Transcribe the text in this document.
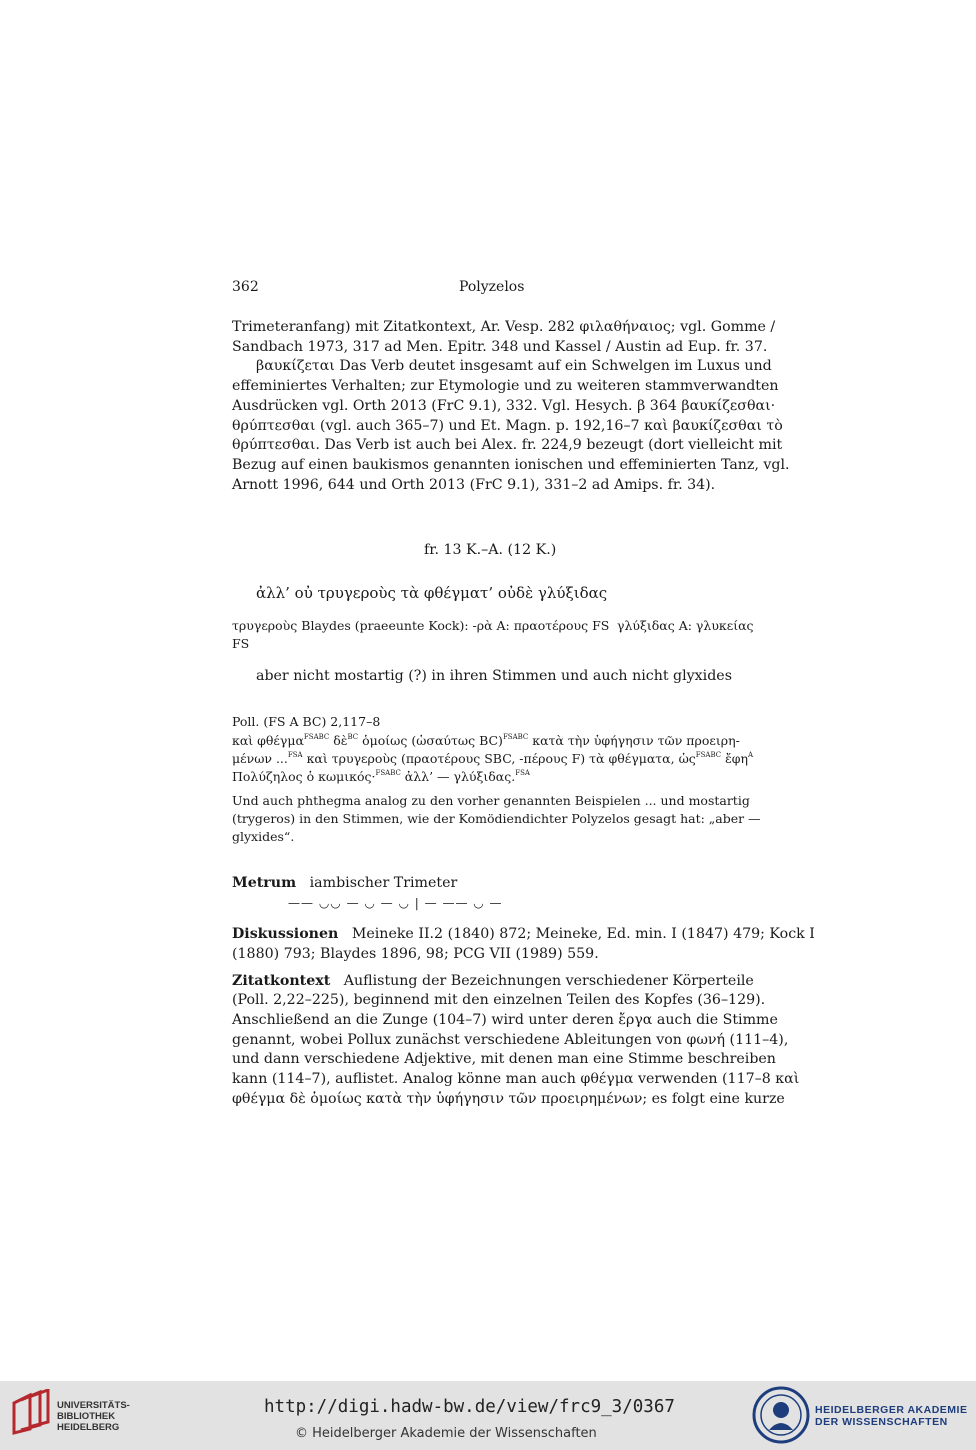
362	Polyzelos
Trimeteranfang) mit Zitatkontext, Ar. Vesp. 282 φιλαθήναιος; vgl. Gomme /
Sandbach 1973, 317 ad Men. Epitr. 348 und Kassel / Austin ad Eup. fr. 37.
βαυκίζεται Das Verb deutet insgesamt auf ein Schwelgen im Luxus und
effeminiertes Verhalten; zur Etymologie und zu weiteren stammverwandten
Ausdrücken vgl. Orth 2013 (FrC 9.1), 332. Vgl. Hesych. β 364 βαυκίζεσθαι·
θρύπτεσθαι (vgl. auch 365–7) und Et. Magn. p. 192,16–7 καὶ βαυκίζεσθαι τὸ
θρύπτεσθαι. Das Verb ist auch bei Alex. fr. 224,9 bezeugt (dort vielleicht mit
Bezug auf einen baukismos genannten ionischen und effeminierten Tanz, vgl.
Arnott 1996, 644 und Orth 2013 (FrC 9.1), 331–2 ad Amips. fr. 34).
fr. 13 K.–A. (12 K.)
ἀλλ’ οὐ τρυγεροὺς τὰ φθέγματ’ οὐδὲ γλύξιδας
τρυγεροὺς Blaydes (praeeunte Kock): -ρὰ A: πραοτέρους FS γλύξιδας A: γλυκείας
FS
aber nicht mostartig (?) in ihren Stimmen und auch nicht glyxides
Poll. (FS A BC) 2,117–8
καὶ φθέγμα$^{FSABC}$ δὲ$^{BC}$ ὁμοίως (ὡσαύτως BC)$^{FSABC}$ κατὰ τὴν ὑφήγησιν τῶν προειρη-
μένων ...$^{FSA}$ καὶ τρυγεροὺς (πραοτέρους SBC, -πέρους F) τὰ φθέγματα, ὡς$^{FSABC}$ ἔφη$^A$
Πολύζηλος ὁ κωμικός·$^{FSABC}$ ἀλλ’ — γλύξιδας.$^{FSA}$
Und auch phthegma analog zu den vorher genannten Beispielen ... und mostartig
(trygeros) in den Stimmen, wie der Komödiendichter Polyzelos gesagt hat: „aber —
glyxides“.
Metrum iambischer Trimeter
—— ◡◡ — ◡ — ◡ | — —— ◡ —
Diskussionen Meineke II.2 (1840) 872; Meineke, Ed. min. I (1847) 479; Kock I
(1880) 793; Blaydes 1896, 98; PCG VII (1989) 559.
Zitatkontext Auflistung der Bezeichnungen verschiedener Körperteile
(Poll. 2,22–225), beginnend mit den einzelnen Teilen des Kopfes (36–129).
Anschließend an die Zunge (104–7) wird unter deren ἔργα auch die Stimme
genannt, wobei Pollux zunächst verschiedene Ableitungen von φωνή (111–4),
und dann verschiedene Adjektive, mit denen man eine Stimme beschreiben
kann (114–7), auflistet. Analog könne man auch φθέγμα verwenden (117–8 καὶ
φθέγμα δὲ ὁμοίως κατὰ τὴν ὑφήγησιν τῶν προειρημένων; es folgt eine kurze
UNIVERSITÄTS-
BIBLIOTHEK
HEIDELBERG
http://digi.hadw-bw.de/view/frc9_3/0367
© Heidelberger Akademie der Wissenschaften
HEIDELBERGER AKADEMIE
DER WISSENSCHAFTEN
